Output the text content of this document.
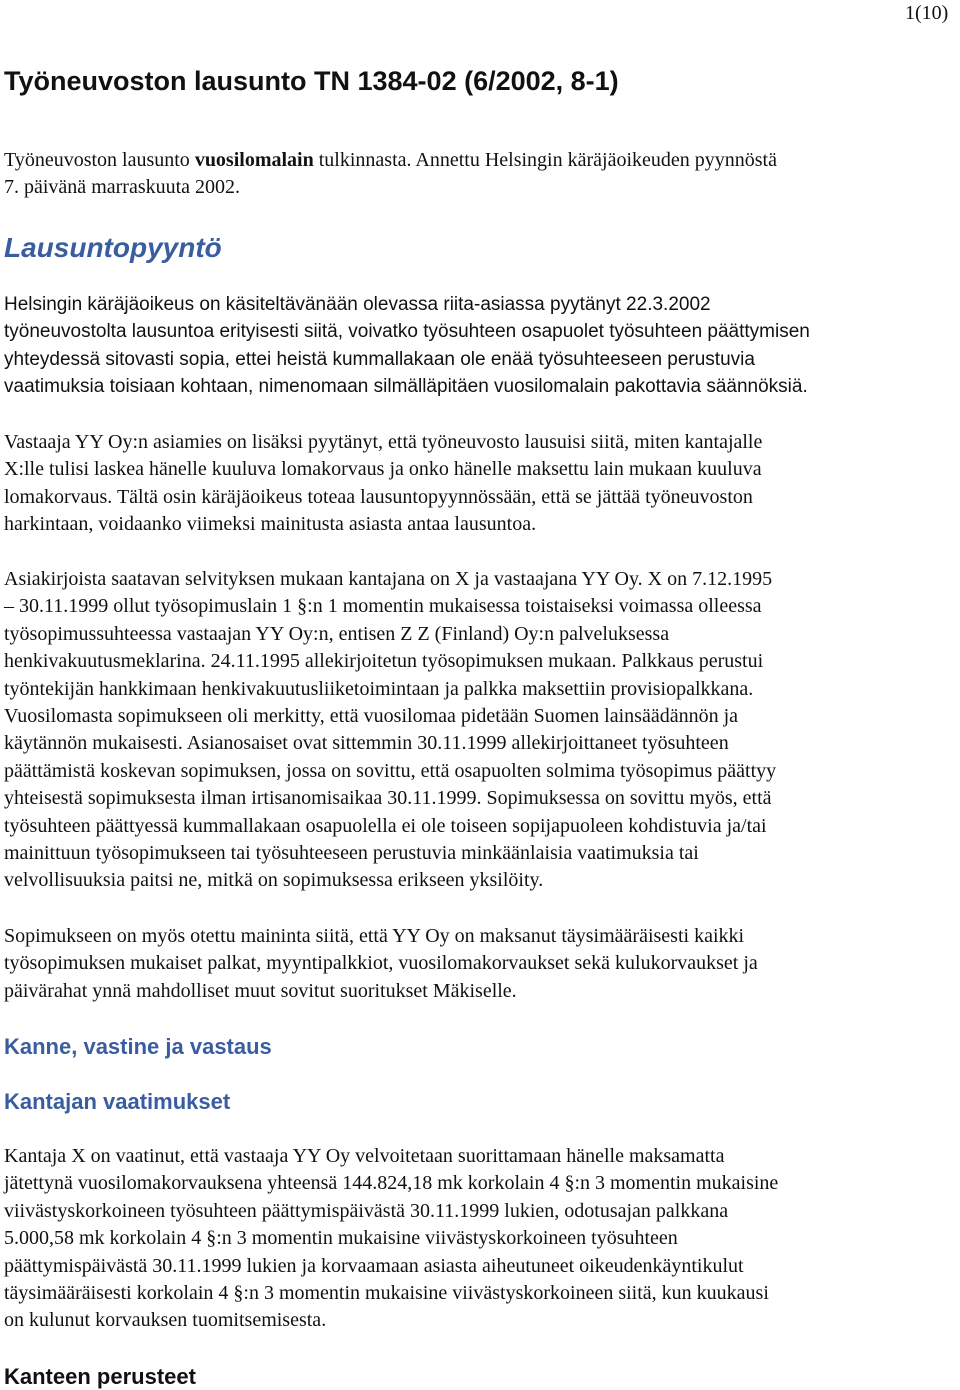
1(10)
Työneuvoston lausunto TN 1384-02 (6/2002, 8-1)
Työneuvoston lausunto vuosilomalain tulkinnasta. Annettu Helsingin käräjäoikeuden pyynnöstä
7. päivänä marraskuuta 2002.
Lausuntopyyntö
Helsingin käräjäoikeus on käsiteltävänään olevassa riita-asiassa pyytänyt 22.3.2002
työneuvostolta lausuntoa erityisesti siitä, voivatko työsuhteen osapuolet työsuhteen päättymisen
yhteydessä sitovasti sopia, ettei heistä kummallakaan ole enää työsuhteeseen perustuvia
vaatimuksia toisiaan kohtaan, nimenomaan silmälläpitäen vuosilomalain pakottavia säännöksiä.
Vastaaja YY Oy:n asiamies on lisäksi pyytänyt, että työneuvosto lausuisi siitä, miten kantajalle
X:lle tulisi laskea hänelle kuuluva lomakorvaus ja onko hänelle maksettu lain mukaan kuuluva
lomakorvaus. Tältä osin käräjäoikeus toteaa lausuntopyynnössään, että se jättää työneuvoston
harkintaan, voidaanko viimeksi mainitusta asiasta antaa lausuntoa.
Asiakirjoista saatavan selvityksen mukaan kantajana on X ja vastaajana YY Oy. X on 7.12.1995
– 30.11.1999 ollut työsopimuslain 1 §:n 1 momentin mukaisessa toistaiseksi voimassa olleessa
työsopimussuhteessa vastaajan YY Oy:n, entisen Z Z (Finland) Oy:n palveluksessa
henkivakuutusmeklarina. 24.11.1995 allekirjoitetun työsopimuksen mukaan. Palkkaus perustui
työntekijän hankkimaan henkivakuutusliiketoimintaan ja palkka maksettiin provisiopalkkana.
Vuosilomasta sopimukseen oli merkitty, että vuosilomaa pidetään Suomen lainsäädännön ja
käytännön mukaisesti. Asianosaiset ovat sittemmin 30.11.1999 allekirjoittaneet työsuhteen
päättämistä koskevan sopimuksen, jossa on sovittu, että osapuolten solmima työsopimus päättyy
yhteisestä sopimuksesta ilman irtisanomisaikaa 30.11.1999. Sopimuksessa on sovittu myös, että
työsuhteen päättyessä kummallakaan osapuolella ei ole toiseen sopijapuoleen kohdistuvia ja/tai
mainittuun työsopimukseen tai työsuhteeseen perustuvia minkäänlaisia vaatimuksia tai
velvollisuuksia paitsi ne, mitkä on sopimuksessa erikseen yksilöity.
Sopimukseen on myös otettu maininta siitä, että YY Oy on maksanut täysimääräisesti kaikki
työsopimuksen mukaiset palkat, myyntipalkkiot, vuosilomakorvaukset sekä kulukorvaukset ja
päivärahat ynnä mahdolliset muut sovitut suoritukset Mäkiselle.
Kanne, vastine ja vastaus
Kantajan vaatimukset
Kantaja X on vaatinut, että vastaaja YY Oy velvoitetaan suorittamaan hänelle maksamatta
jätettynä vuosilomakorvauksena yhteensä 144.824,18 mk korkolain 4 §:n 3 momentin mukaisine
viivästyskorkoineen työsuhteen päättymispäivästä 30.11.1999 lukien, odotusajan palkkana
5.000,58 mk korkolain 4 §:n 3 momentin mukaisine viivästyskorkoineen työsuhteen
päättymispäivästä 30.11.1999 lukien ja korvaamaan asiasta aiheutuneet oikeudenkäyntikulut
täysimääräisesti korkolain 4 §:n 3 momentin mukaisine viivästyskorkoineen siitä, kun kuukausi
on kulunut korvauksen tuomitsemisesta.
Kanteen perusteet
